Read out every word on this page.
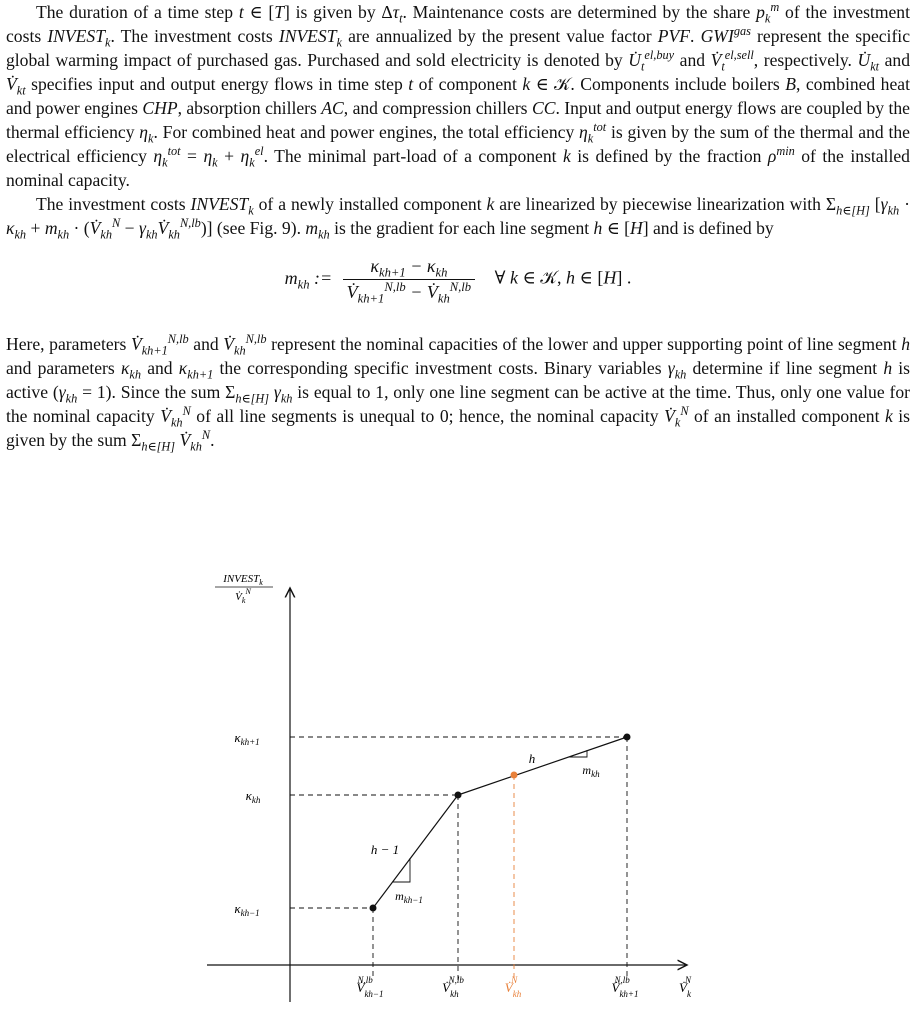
The duration of a time step t ∈ [T] is given by $\Delta\tau_t$. Maintenance costs are determined by the share $p_k^m$ of the investment costs $INVEST_k$. The investment costs $INVEST_k$ are annualized by the present value factor PVF. $GWI^{gas}$ represent the specific global warming impact of purchased gas. Purchased and sold electricity is denoted by $U̇_t^{el,buy}$ and $V̇_t^{el,sell}$, respectively. $U̇_{kt}$ and $V̇_{kt}$ specifies input and output energy flows in time step t of component k ∈ 𝒦. Components include boilers B, combined heat and power engines CHP, absorption chillers AC, and compression chillers CC. Input and output energy flows are coupled by the thermal efficiency $\eta_k$. For combined heat and power engines, the total efficiency $\eta_k^{tot}$ is given by the sum of the thermal and the electrical efficiency $\eta_k^{tot} = \eta_k + \eta_k^{el}$. The minimal part-load of a component k is defined by the fraction $\rho^{min}$ of the installed nominal capacity.

The investment costs $INVEST_k$ of a newly installed component k are linearized by piecewise linearization with $\Sigma_{h\in[H]}$ [$\gamma_{kh} \cdot \kappa_{kh} + m_{kh}$ · ($V̇_{kh}^N$ − $\gamma_{kh}V̇_{kh}^{N,lb}$)] (see Fig. 9). $m_{kh}$ is the gradient for each line segment h ∈ [H] and is defined by

$m_{kh}$ := $\frac{\kappa_{kh+1} - \kappa_{kh}}{V̇_{kh+1}^{N,lb} - V̇_{kh}^{N,lb}}$ ∀ k ∈ 𝒦, h ∈ [H] .

Here, parameters $V̇_{kh+1}^{N,lb}$ and $V̇_{kh}^{N,lb}$ represent the nominal capacities of the lower and upper supporting point of line segment h and parameters $\kappa_{kh}$ and $\kappa_{kh+1}$ the corresponding specific investment costs. Binary variables $\gamma_{kh}$ determine if line segment h is active $(\gamma_{kh} = 1)$. Since the sum $\Sigma_{h\in[H]}$ $\gamma_{kh}$ is equal to 1, only one line segment can be active at the time. Thus, only one value for the nominal capacity $V̇_{kh}^N$ of all line segments is unequal to 0; hence, the nominal capacity $V̇_k^N$ of an installed component k is given by the sum $\Sigma_{h\in[H]}$ $V̇_{kh}^N$.

$INVEST_k$
$V̇_k^N$
$\kappa_{kh+1}$
$\kappa_{kh}$
$\kappa_{kh-1}$
h − 1
h
$m_{kh-1}$
$m_{kh}$
$V̇_{kh-1}N,lb$	$V̇_{kh}N,lb$	$V̇_{kh}N$	$V̇_{kh+1}N,lb$	$V̇_kN$
